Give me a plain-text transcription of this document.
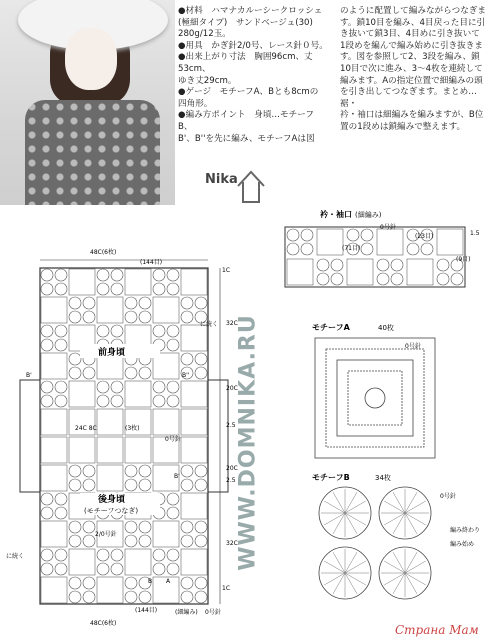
●材料　ハマナカルーシークロッシェ
(極細タイプ)　サンドベージュ(30)
280g/12玉。
●用具　かぎ針2/0号、レース針０号。
●出来上がり寸法　胸囲96cm、丈53cm、
ゆき丈29cm。
●ゲージ　モチーフA、Bとも8cmの
四角形。
●編み方ポイント　身頃…モチーフB、
B'、B''を先に編み、モチーフAは図
のように配置して編みながらつなぎま
す。鎖10目を編み、4目戻った目に引
き抜いて鎖3目、4目めに引き抜いて
1段めを編んで編み始めに引き抜きま
す。図を参照して2、3段を編み、鎖
10目で次に進み、3～4枚を連続して
編みます。Aの指定位置で細編みの頭
を引き出してつなぎます。まとめ…裾・
衿・袖口は細編みを編みますが、B位
置の1段めは鎖編みで整えます。
Nika
WWW.DOMNIKA.RU
Страна Мам
48C(6枚)
(144目)
48C(6枚)
(144目)	(細編み) 0号針
前身頃
24C 8C	(3枚)
0号針
後身頃
(モチーフつなぎ)
32C
20C
2.5
20C
2.5
32C
1C
1C
に続く
に続く
2/0号針
B'	B''
B'
B A
衿・袖口 (細編み)
0号針
(71目)
(23目)
(9目)
1.5
モチーフA	40枚
0号針
モチーフB	34枚
編み終わり
編み始め
0号針
